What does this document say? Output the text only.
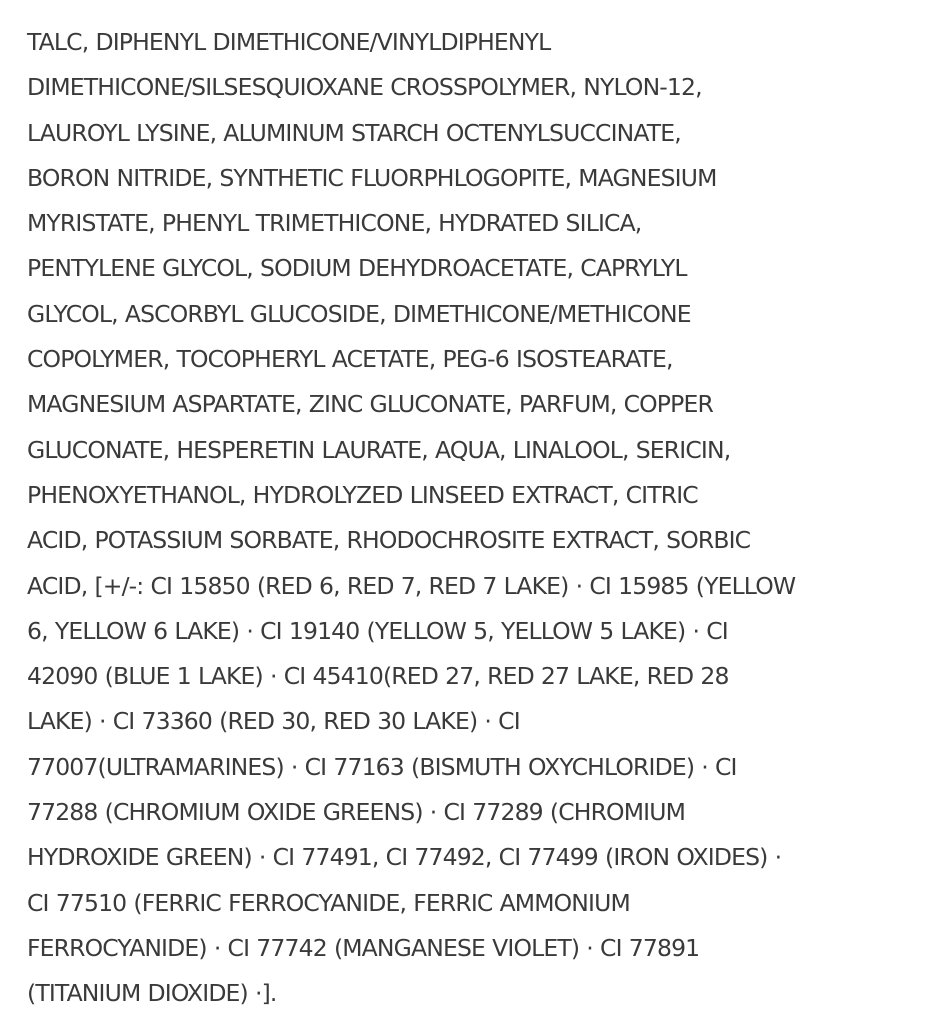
TALC, DIPHENYL DIMETHICONE/VINYLDIPHENYL
DIMETHICONE/SILSESQUIOXANE CROSSPOLYMER, NYLON-12,
LAUROYL LYSINE, ALUMINUM STARCH OCTENYLSUCCINATE,
BORON NITRIDE, SYNTHETIC FLUORPHLOGOPITE, MAGNESIUM
MYRISTATE, PHENYL TRIMETHICONE, HYDRATED SILICA,
PENTYLENE GLYCOL, SODIUM DEHYDROACETATE, CAPRYLYL
GLYCOL, ASCORBYL GLUCOSIDE, DIMETHICONE/METHICONE
COPOLYMER, TOCOPHERYL ACETATE, PEG-6 ISOSTEARATE,
MAGNESIUM ASPARTATE, ZINC GLUCONATE, PARFUM, COPPER
GLUCONATE, HESPERETIN LAURATE, AQUA, LINALOOL, SERICIN,
PHENOXYETHANOL, HYDROLYZED LINSEED EXTRACT, CITRIC
ACID, POTASSIUM SORBATE, RHODOCHROSITE EXTRACT, SORBIC
ACID, [+/-: CI 15850 (RED 6, RED 7, RED 7 LAKE) · CI 15985 (YELLOW
6, YELLOW 6 LAKE) · CI 19140 (YELLOW 5, YELLOW 5 LAKE) · CI
42090 (BLUE 1 LAKE) · CI 45410(RED 27, RED 27 LAKE, RED 28
LAKE) · CI 73360 (RED 30, RED 30 LAKE) · CI
77007(ULTRAMARINES) · CI 77163 (BISMUTH OXYCHLORIDE) · CI
77288 (CHROMIUM OXIDE GREENS) · CI 77289 (CHROMIUM
HYDROXIDE GREEN) · CI 77491, CI 77492, CI 77499 (IRON OXIDES) ·
CI 77510 (FERRIC FERROCYANIDE, FERRIC AMMONIUM
FERROCYANIDE) · CI 77742 (MANGANESE VIOLET) · CI 77891
(TITANIUM DIOXIDE) ·].
